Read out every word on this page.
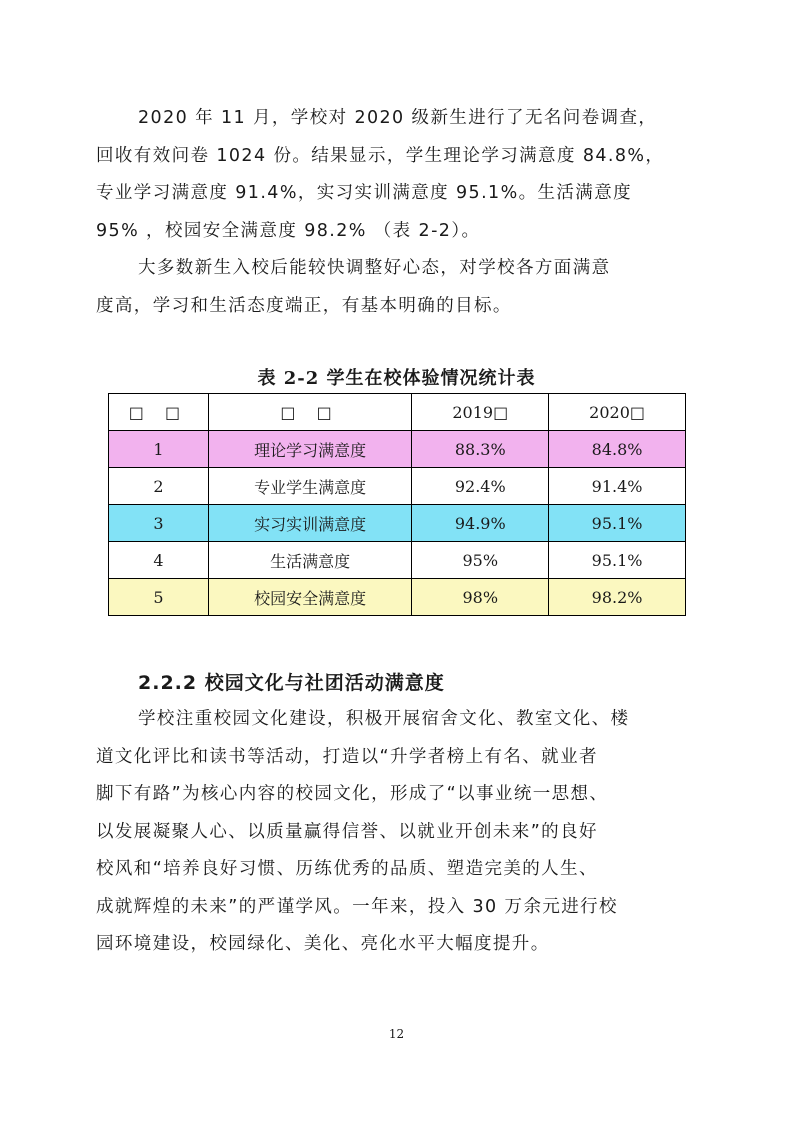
2020 年 11 月，学校对 2020 级新生进行了无名问卷调查，
回收有效问卷 1024 份。结果显示，学生理论学习满意度 84.8%，
专业学习满意度 91.4%，实习实训满意度 95.1%。生活满意度
95% ，校园安全满意度 98.2% （表 2-2）。
大多数新生入校后能较快调整好心态，对学校各方面满意
度高，学习和生活态度端正，有基本明确的目标。

表 2-2 学生在校体验情况统计表

□ □	□ □	2019□	2020□
1	理论学习满意度	88.3%	84.8%
2	专业学生满意度	92.4%	91.4%
3	实习实训满意度	94.9%	95.1%
4	生活满意度	95%	95.1%
5	校园安全满意度	98%	98.2%
2.2.2 校园文化与社团活动满意度
学校注重校园文化建设，积极开展宿舍文化、教室文化、楼
道文化评比和读书等活动，打造以“升学者榜上有名、就业者
脚下有路”为核心内容的校园文化，形成了“以事业统一思想、
以发展凝聚人心、以质量赢得信誉、以就业开创未来”的良好
校风和“培养良好习惯、历练优秀的品质、塑造完美的人生、
成就辉煌的未来”的严谨学风。一年来，投入 30 万余元进行校
园环境建设，校园绿化、美化、亮化水平大幅度提升。
12
